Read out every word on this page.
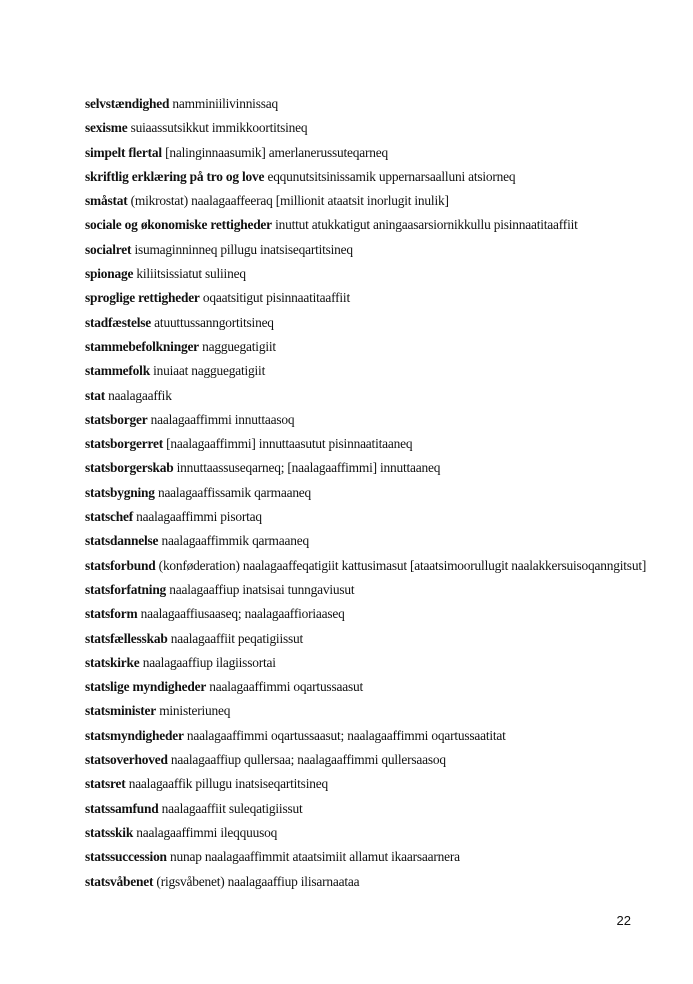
selvstændighed namminiilivinnissaq
sexisme suiaassutsikkut immikkoortitsineq
simpelt flertal [nalinginnaasumik] amerlanerussuteqarneq
skriftlig erklæring på tro og love eqqunutsitsinissamik uppernarsaalluni atsiorneq
småstat (mikrostat) naalagaaffeeraq [millionit ataatsit inorlugit inulik]
sociale og økonomiske rettigheder inuttut atukkatigut aningaasarsiornikkullu pisinnaatitaaffiit
socialret isumaginninneq pillugu inatsiseqartitsineq
spionage kiliitsissiatut suliineq
sproglige rettigheder oqaatsitigut pisinnaatitaaffiit
stadfæstelse atuuttussanngortitsineq
stammebefolkninger nagguegatigiit
stammefolk inuiaat nagguegatigiit
stat naalagaaffik
statsborger naalagaaffimmi innuttaasoq
statsborgerret [naalagaaffimmi] innuttaasutut pisinnaatitaaneq
statsborgerskab innuttaassuseqarneq; [naalagaaffimmi] innuttaaneq
statsbygning naalagaaffissamik qarmaaneq
statschef naalagaaffimmi pisortaq
statsdannelse naalagaaffimmik qarmaaneq
statsforbund (konføderation) naalagaaffeqatigiit kattusimasut [ataatsimoorullugit naalakkersuisoqanngitsut]
statsforfatning naalagaaffiup inatsisai tunngaviusut
statsform naalagaaffiusaaseq; naalagaaffioriaaseq
statsfællesskab naalagaaffiit peqatigiissut
statskirke naalagaaffiup ilagiissortai
statslige myndigheder naalagaaffimmi oqartussaasut
statsminister ministeriuneq
statsmyndigheder naalagaaffimmi oqartussaasut; naalagaaffimmi oqartussaatitat
statsoverhoved naalagaaffiup qullersaa; naalagaaffimmi qullersaasoq
statsret naalagaaffik pillugu inatsiseqartitsineq
statssamfund naalagaaffiit suleqatigiissut
statsskik naalagaaffimmi ileqquusoq
statssuccession nunap naalagaaffimmit ataatsimiit allamut ikaarsaarnera
statsvåbenet (rigsvåbenet) naalagaaffiup ilisarnaataa
22
